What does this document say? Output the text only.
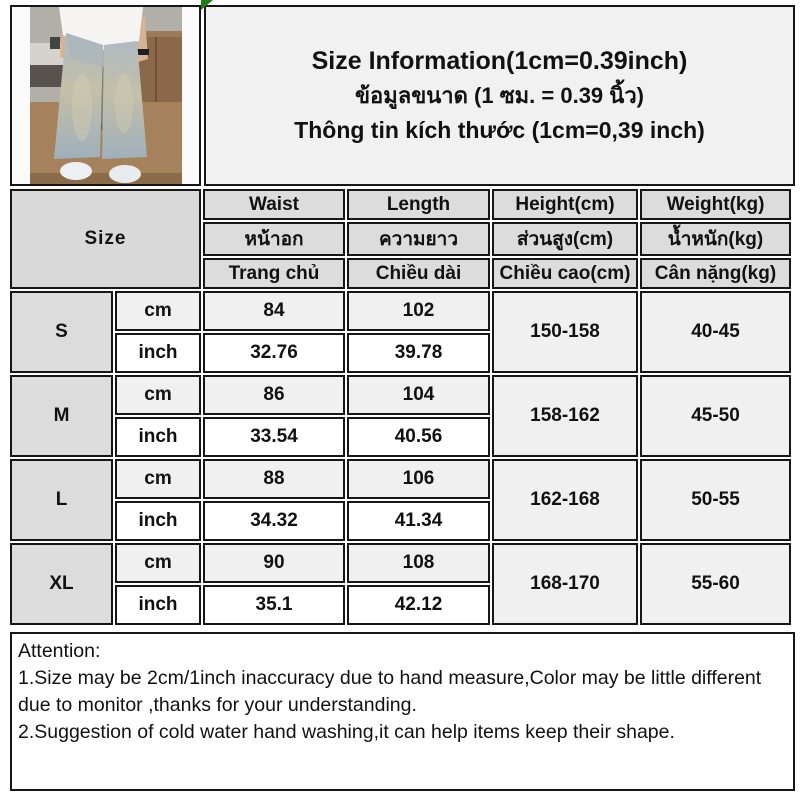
Size Information(1cm=0.39inch)
ข้อมูลขนาด (1 ซม. = 0.39 นิ้ว)
Thông tin kích thước (1cm=0,39 inch)
Size		Waist	Length	Height(cm)	Weight(kg)
		หน้าอก	ความยาว	ส่วนสูง(cm)	น้ำหนัก(kg)
		Trang chủ	Chiều dài	Chiều cao(cm)	Cân nặng(kg)
S	cm	84	102	150-158	40-45
	inch	32.76	39.78		
M	cm	86	104	158-162	45-50
	inch	33.54	40.56		
L	cm	88	106	162-168	50-55
	inch	34.32	41.34		
XL	cm	90	108	168-170	55-60
	inch	35.1	42.12		
Attention:
1.Size may be 2cm/1inch inaccuracy due to hand measure,Color may be little different due to monitor ,thanks for your understanding.
2.Suggestion of cold water hand washing,it can help items keep their shape.
